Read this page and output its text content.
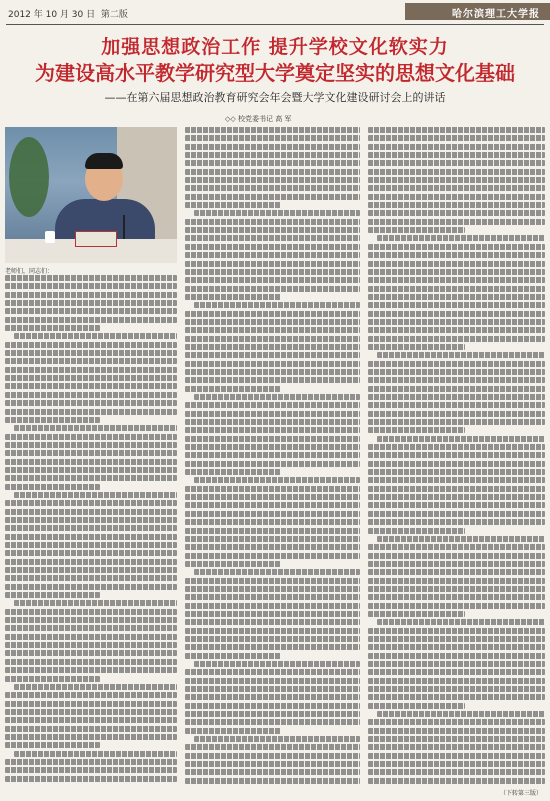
2012 年 10 月 30 日 第二版	哈尔滨理工大学报
加强思想政治工作 提升学校文化软实力
为建设高水平教学研究型大学奠定坚实的思想文化基础
——在第六届思想政治教育研究会年会暨大学文化建设研讨会上的讲话
◇◇ 校党委书记 高 军
老师们，同志们：
（下转第三版）
